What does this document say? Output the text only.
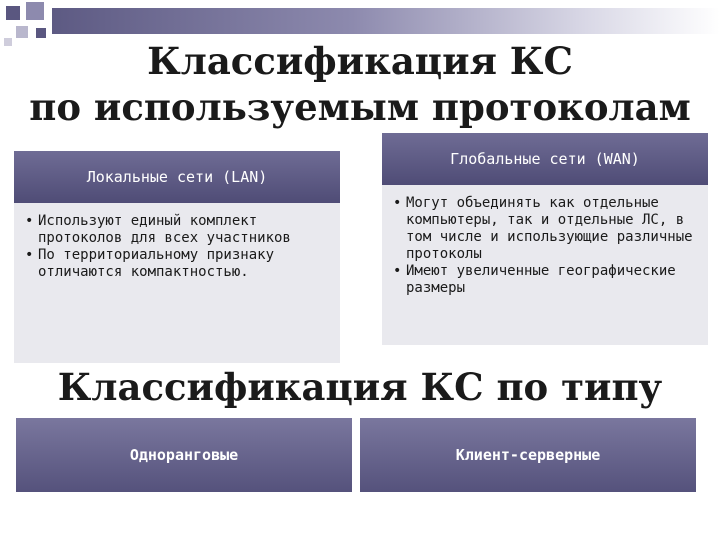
Классификация КС
по используемым протоколам
Локальные сети (LAN)
• Используют единый комплект протоколов для всех участников
• По территориальному признаку отличаются компактностью.
Глобальные сети (WAN)
• Могут объединять как отдельные компьютеры, так и отдельные ЛС, в том числе и использующие различные протоколы
• Имеют увеличенные географические размеры
Классификация КС по типу
Одноранговые	Клиент-серверные
